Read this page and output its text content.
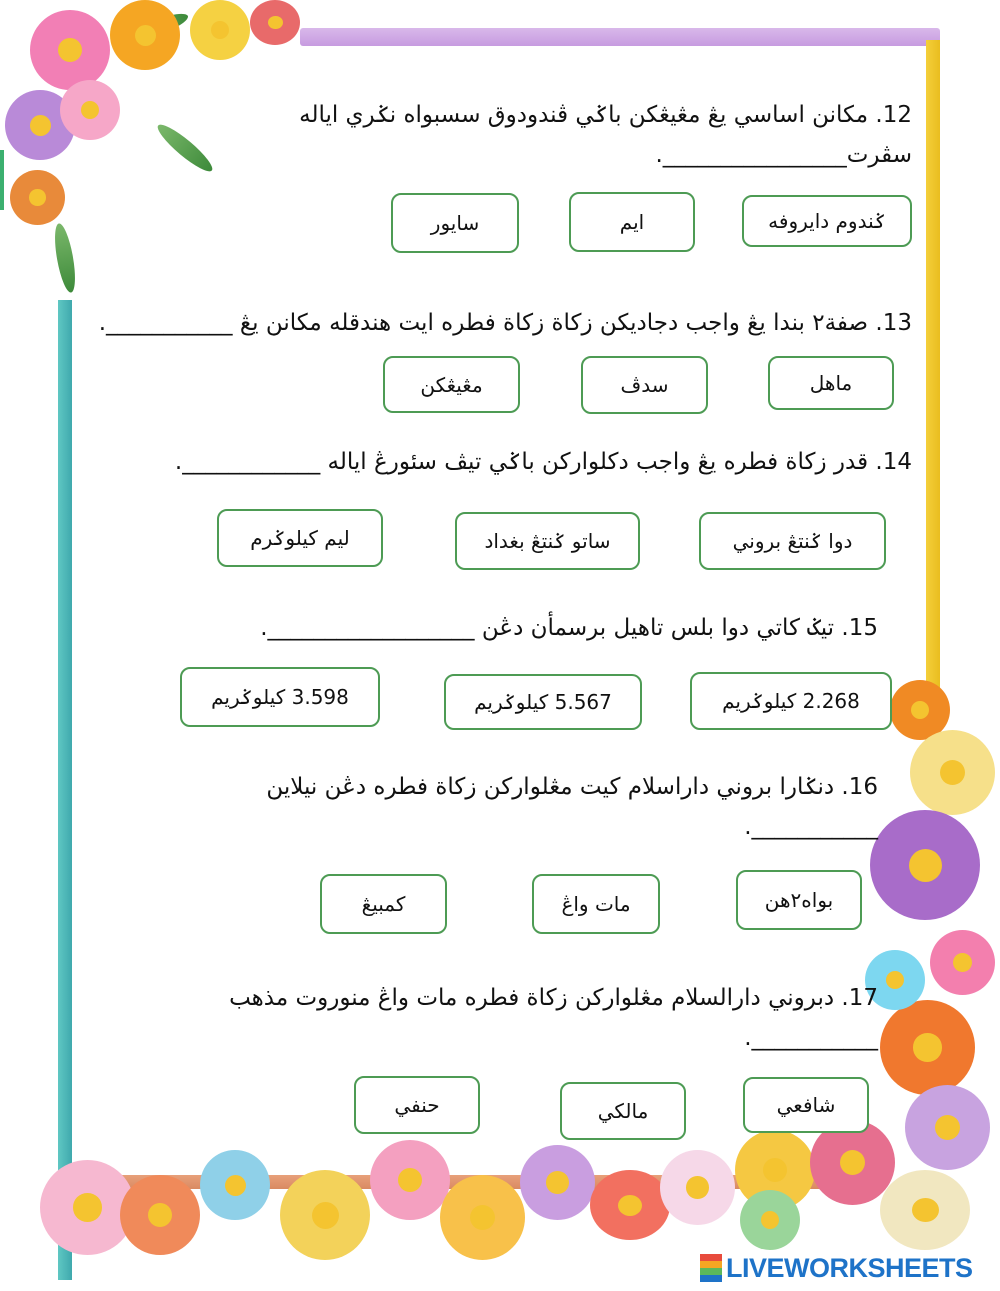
12. مکانن اساسي يڠ مڠيڠکن باݢي ڤندودوق سسبواه نݢري اياله
سڤرت________________.

ݢندوم دايروفه
ايم
سايور

13. صفة٢ بندا يڠ واجب دجاديکن زکاة زکاة فطره ايت هندقله مکانن يڠ ___________.

ماهل
سدڤ
مڠيڠکن

14. قدر زکاة فطره يڠ واجب دکلوارکن باݢي تيڤ سئورڠ اياله ____________.

دوا ݢنتڠ بروني
ساتو ݢنتڠ بغداد
ليم کيلوݢرم

15. تيݢ کاتي دوا بلس تاهيل برسمأن دڠن __________________.

2.268 کيلوݢريم
5.567 کيلوݢريم
3.598 کيلوݢريم

16. دنݢارا بروني داراسلام کيت مڠلوارکن زکاة فطره دڠن نيلاين
___________.

بواه٢هن
مات واڠ
کمبيڠ

17. دبروني دارالسلام مڠلوارکن زکاة فطره مات واڠ منوروت مذهب
___________.

شافعي
مالکي
حنفي
LIVEWORKSHEETS
